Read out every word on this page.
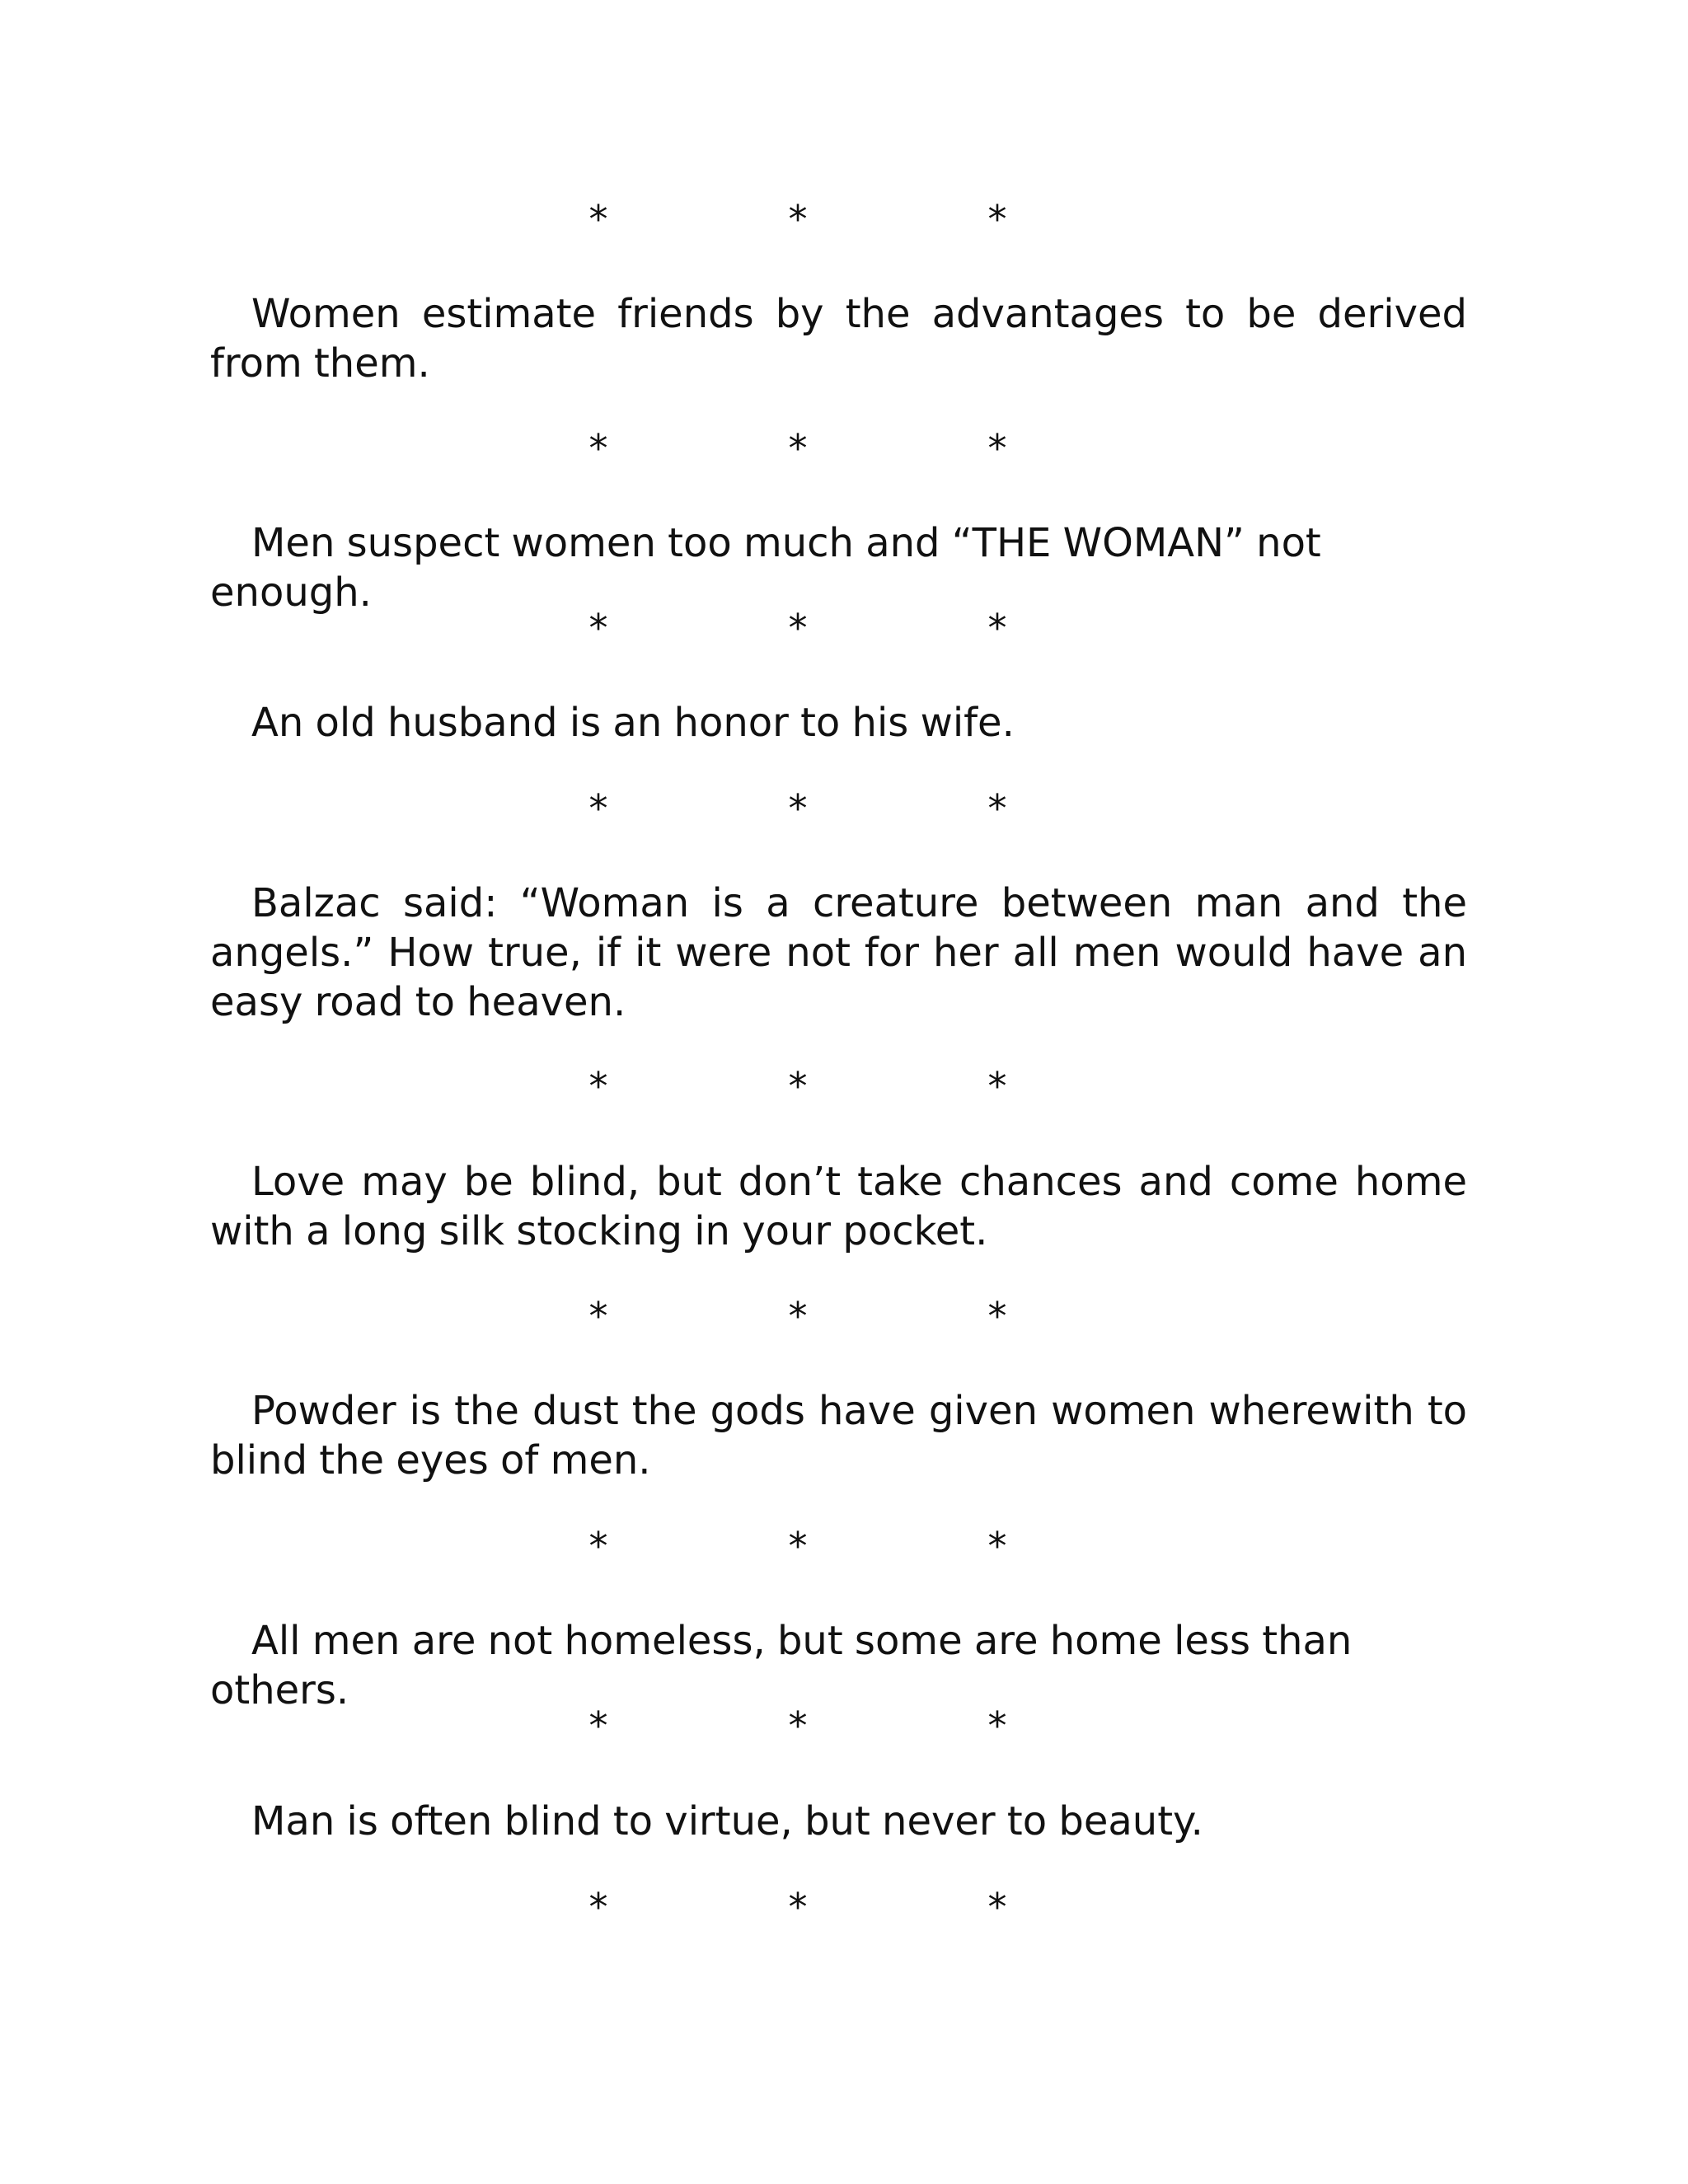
*	*	*

Women estimate friends by the advantages to be derived from them.

*	*	*

Men suspect women too much and “THE WOMAN” not enough.

*	*	*

An old husband is an honor to his wife.

*	*	*

Balzac said: “Woman is a creature between man and the angels.” How true, if it were not for her all men would have an easy road to heaven.

*	*	*

Love may be blind, but don’t take chances and come home with a long silk stocking in your pocket.

*	*	*

Powder is the dust the gods have given women wherewith to blind the eyes of men.

*	*	*

All men are not homeless, but some are home less than others.

*	*	*

Man is often blind to virtue, but never to beauty.

*	*	*
